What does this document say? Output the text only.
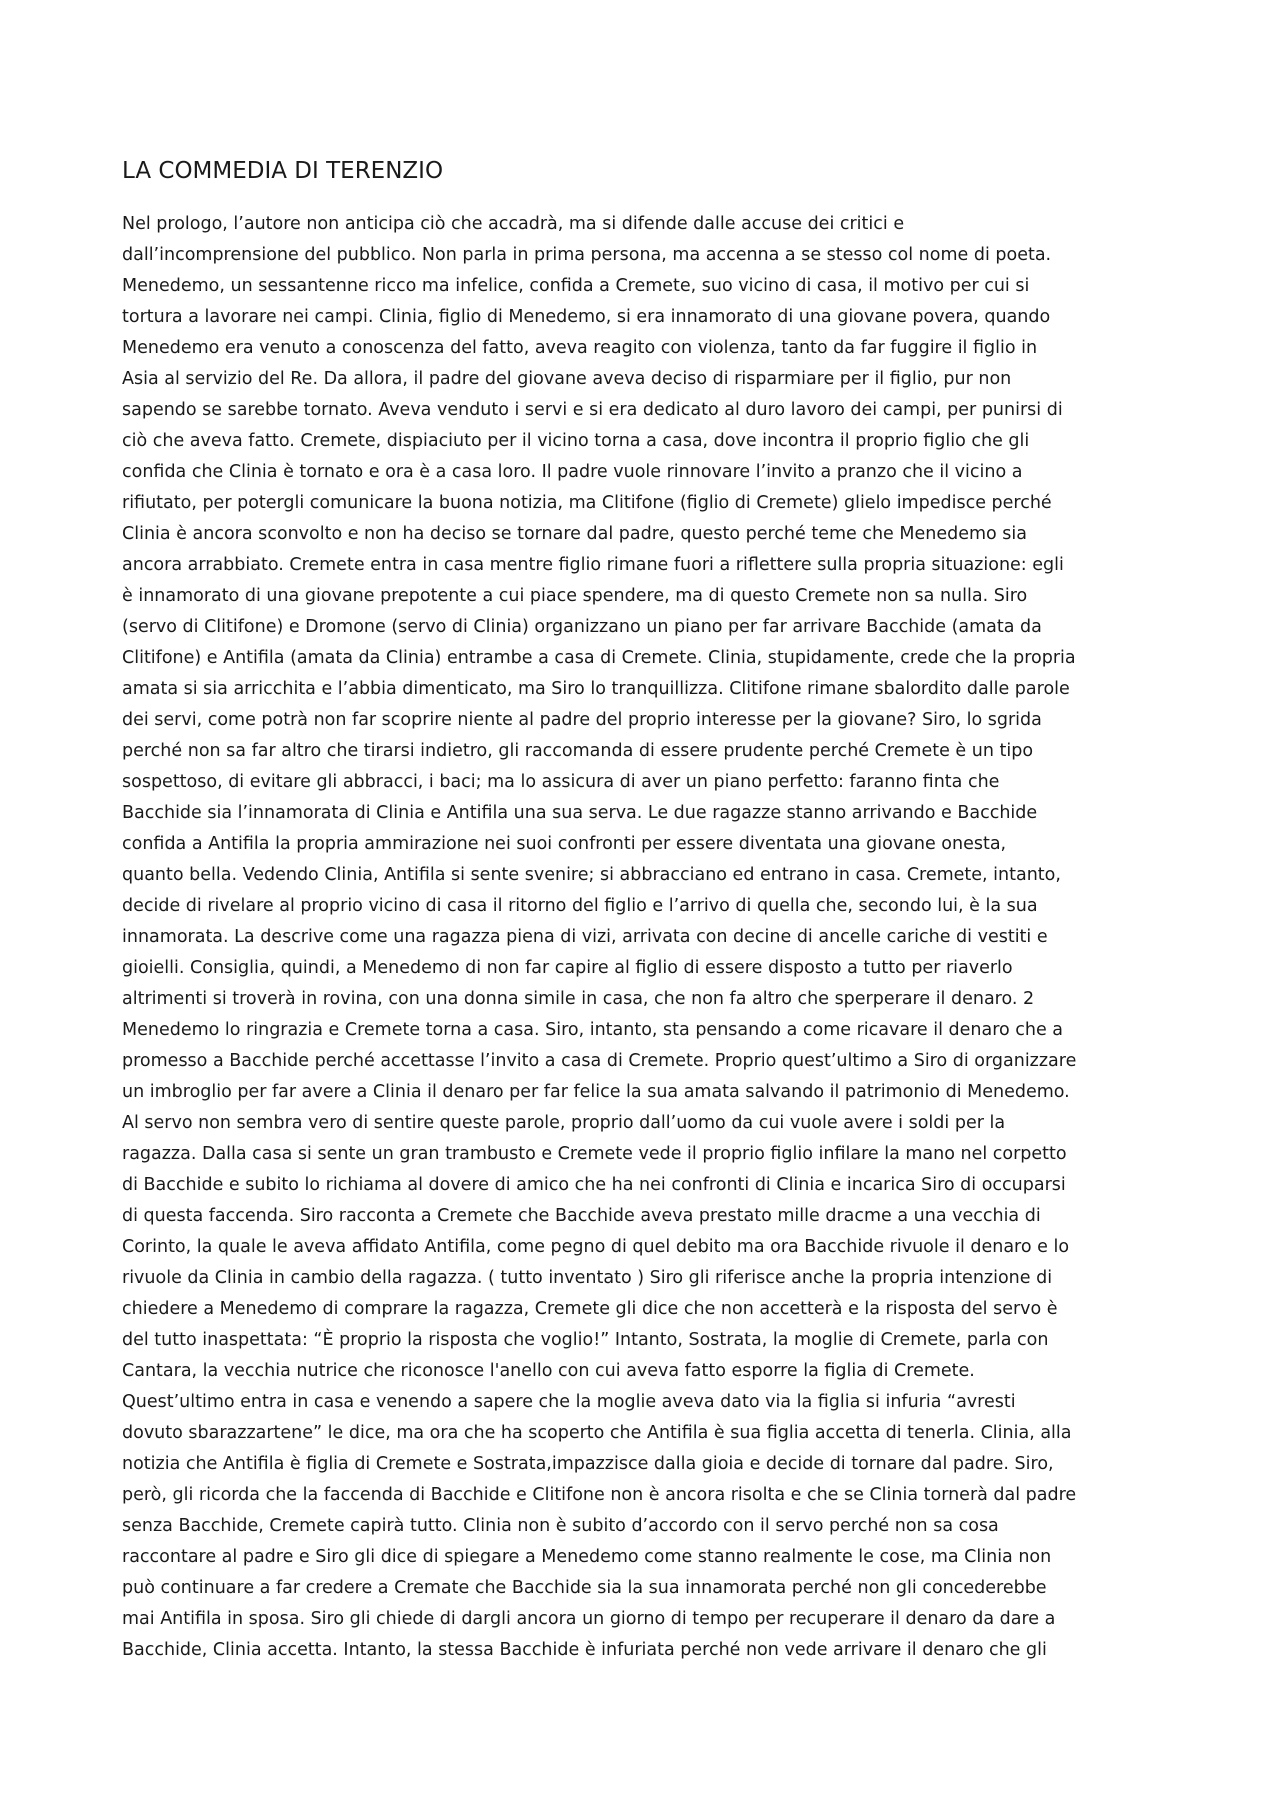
LA COMMEDIA DI TERENZIO
Nel prologo, l’autore non anticipa ciò che accadrà, ma si difende dalle accuse dei critici e
dall’incomprensione del pubblico. Non parla in prima persona, ma accenna a se stesso col nome di poeta.
Menedemo, un sessantenne ricco ma infelice, confida a Cremete, suo vicino di casa, il motivo per cui si
tortura a lavorare nei campi. Clinia, figlio di Menedemo, si era innamorato di una giovane povera, quando
Menedemo era venuto a conoscenza del fatto, aveva reagito con violenza, tanto da far fuggire il figlio in
Asia al servizio del Re. Da allora, il padre del giovane aveva deciso di risparmiare per il figlio, pur non
sapendo se sarebbe tornato. Aveva venduto i servi e si era dedicato al duro lavoro dei campi, per punirsi di
ciò che aveva fatto. Cremete, dispiaciuto per il vicino torna a casa, dove incontra il proprio figlio che gli
confida che Clinia è tornato e ora è a casa loro. Il padre vuole rinnovare l’invito a pranzo che il vicino a
rifiutato, per potergli comunicare la buona notizia, ma Clitifone (figlio di Cremete) glielo impedisce perché
Clinia è ancora sconvolto e non ha deciso se tornare dal padre, questo perché teme che Menedemo sia
ancora arrabbiato. Cremete entra in casa mentre figlio rimane fuori a riflettere sulla propria situazione: egli
è innamorato di una giovane prepotente a cui piace spendere, ma di questo Cremete non sa nulla. Siro
(servo di Clitifone) e Dromone (servo di Clinia) organizzano un piano per far arrivare Bacchide (amata da
Clitifone) e Antifila (amata da Clinia) entrambe a casa di Cremete. Clinia, stupidamente, crede che la propria
amata si sia arricchita e l’abbia dimenticato, ma Siro lo tranquillizza. Clitifone rimane sbalordito dalle parole
dei servi, come potrà non far scoprire niente al padre del proprio interesse per la giovane? Siro, lo sgrida
perché non sa far altro che tirarsi indietro, gli raccomanda di essere prudente perché Cremete è un tipo
sospettoso, di evitare gli abbracci, i baci; ma lo assicura di aver un piano perfetto: faranno finta che
Bacchide sia l’innamorata di Clinia e Antifila una sua serva. Le due ragazze stanno arrivando e Bacchide
confida a Antifila la propria ammirazione nei suoi confronti per essere diventata una giovane onesta,
quanto bella. Vedendo Clinia, Antifila si sente svenire; si abbracciano ed entrano in casa. Cremete, intanto,
decide di rivelare al proprio vicino di casa il ritorno del figlio e l’arrivo di quella che, secondo lui, è la sua
innamorata. La descrive come una ragazza piena di vizi, arrivata con decine di ancelle cariche di vestiti e
gioielli. Consiglia, quindi, a Menedemo di non far capire al figlio di essere disposto a tutto per riaverlo
altrimenti si troverà in rovina, con una donna simile in casa, che non fa altro che sperperare il denaro. 2
Menedemo lo ringrazia e Cremete torna a casa. Siro, intanto, sta pensando a come ricavare il denaro che a
promesso a Bacchide perché accettasse l’invito a casa di Cremete. Proprio quest’ultimo a Siro di organizzare
un imbroglio per far avere a Clinia il denaro per far felice la sua amata salvando il patrimonio di Menedemo.
Al servo non sembra vero di sentire queste parole, proprio dall’uomo da cui vuole avere i soldi per la
ragazza. Dalla casa si sente un gran trambusto e Cremete vede il proprio figlio infilare la mano nel corpetto
di Bacchide e subito lo richiama al dovere di amico che ha nei confronti di Clinia e incarica Siro di occuparsi
di questa faccenda. Siro racconta a Cremete che Bacchide aveva prestato mille dracme a una vecchia di
Corinto, la quale le aveva affidato Antifila, come pegno di quel debito ma ora Bacchide rivuole il denaro e lo
rivuole da Clinia in cambio della ragazza. ( tutto inventato ) Siro gli riferisce anche la propria intenzione di
chiedere a Menedemo di comprare la ragazza, Cremete gli dice che non accetterà e la risposta del servo è
del tutto inaspettata: “È proprio la risposta che voglio!” Intanto, Sostrata, la moglie di Cremete, parla con
Cantara, la vecchia nutrice che riconosce l'anello con cui aveva fatto esporre la figlia di Cremete.
Quest’ultimo entra in casa e venendo a sapere che la moglie aveva dato via la figlia si infuria “avresti
dovuto sbarazzartene” le dice, ma ora che ha scoperto che Antifila è sua figlia accetta di tenerla. Clinia, alla
notizia che Antifila è figlia di Cremete e Sostrata,impazzisce dalla gioia e decide di tornare dal padre. Siro,
però, gli ricorda che la faccenda di Bacchide e Clitifone non è ancora risolta e che se Clinia tornerà dal padre
senza Bacchide, Cremete capirà tutto. Clinia non è subito d’accordo con il servo perché non sa cosa
raccontare al padre e Siro gli dice di spiegare a Menedemo come stanno realmente le cose, ma Clinia non
può continuare a far credere a Cremate che Bacchide sia la sua innamorata perché non gli concederebbe
mai Antifila in sposa. Siro gli chiede di dargli ancora un giorno di tempo per recuperare il denaro da dare a
Bacchide, Clinia accetta. Intanto, la stessa Bacchide è infuriata perché non vede arrivare il denaro che gli
